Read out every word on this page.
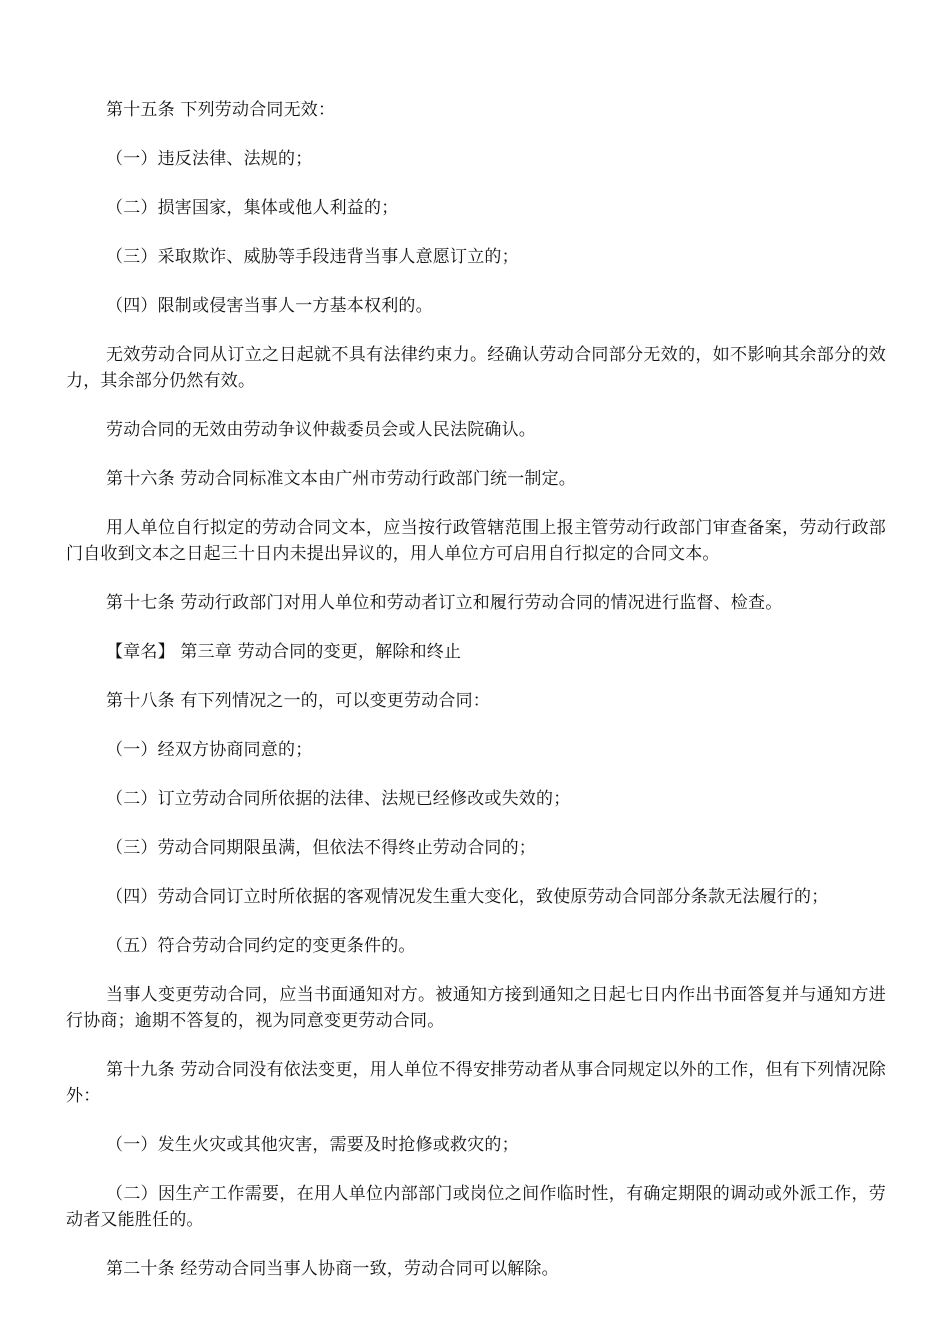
第十五条 下列劳动合同无效：

（一）违反法律、法规的；

（二）损害国家，集体或他人利益的；

（三）采取欺诈、威胁等手段违背当事人意愿订立的；

（四）限制或侵害当事人一方基本权利的。

无效劳动合同从订立之日起就不具有法律约束力。经确认劳动合同部分无效的，如不影响其余部分的效力，其余部分仍然有效。

劳动合同的无效由劳动争议仲裁委员会或人民法院确认。

第十六条 劳动合同标准文本由广州市劳动行政部门统一制定。

用人单位自行拟定的劳动合同文本，应当按行政管辖范围上报主管劳动行政部门审查备案，劳动行政部门自收到文本之日起三十日内未提出异议的，用人单位方可启用自行拟定的合同文本。

第十七条 劳动行政部门对用人单位和劳动者订立和履行劳动合同的情况进行监督、检查。

【章名】 第三章 劳动合同的变更，解除和终止

第十八条 有下列情况之一的，可以变更劳动合同：

（一）经双方协商同意的；

（二）订立劳动合同所依据的法律、法规已经修改或失效的；

（三）劳动合同期限虽满，但依法不得终止劳动合同的；

（四）劳动合同订立时所依据的客观情况发生重大变化，致使原劳动合同部分条款无法履行的；

（五）符合劳动合同约定的变更条件的。

当事人变更劳动合同，应当书面通知对方。被通知方接到通知之日起七日内作出书面答复并与通知方进行协商；逾期不答复的，视为同意变更劳动合同。

第十九条 劳动合同没有依法变更，用人单位不得安排劳动者从事合同规定以外的工作，但有下列情况除外：

（一）发生火灾或其他灾害，需要及时抢修或救灾的；

（二）因生产工作需要，在用人单位内部部门或岗位之间作临时性，有确定期限的调动或外派工作，劳动者又能胜任的。

第二十条 经劳动合同当事人协商一致，劳动合同可以解除。
